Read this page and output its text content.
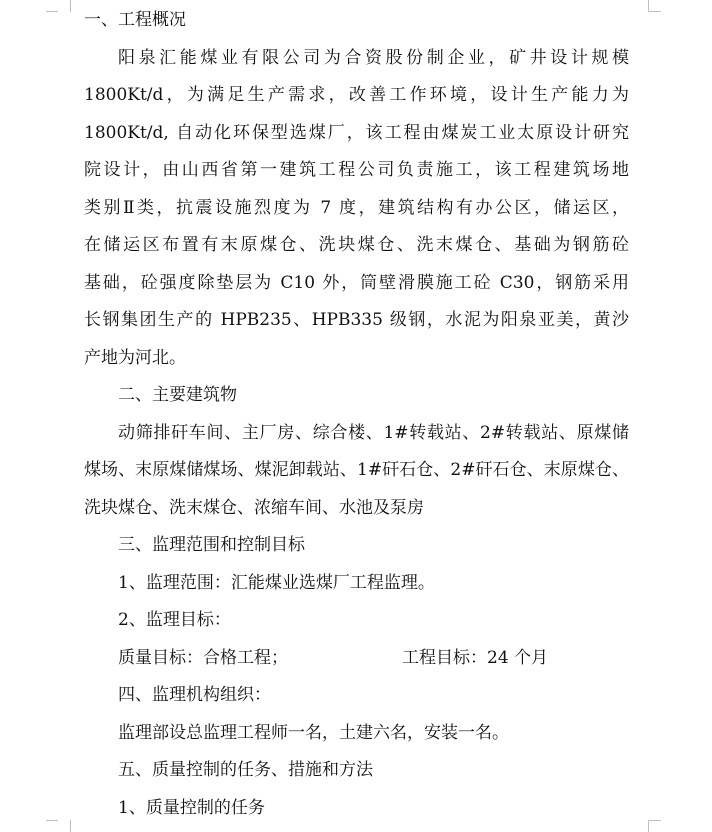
一、工程概况
阳泉汇能煤业有限公司为合资股份制企业，矿井设计规模
1800Kt/d，为满足生产需求，改善工作环境，设计生产能力为
1800Kt/d, 自动化环保型选煤厂，该工程由煤炭工业太原设计研究
院设计，由山西省第一建筑工程公司负责施工，该工程建筑场地
类别Ⅱ类，抗震设施烈度为 7 度，建筑结构有办公区，储运区，
在储运区布置有末原煤仓、洗块煤仓、洗末煤仓、基础为钢筋砼
基础，砼强度除垫层为 C10 外，筒壁滑膜施工砼 C30，钢筋采用
长钢集团生产的 HPB235、HPB335 级钢，水泥为阳泉亚美，黄沙
产地为河北。
二、主要建筑物
动筛排矸车间、主厂房、综合楼、1#转载站、2#转载站、原煤储
煤场、末原煤储煤场、煤泥卸载站、1#矸石仓、2#矸石仓、末原煤仓、
洗块煤仓、洗末煤仓、浓缩车间、水池及泵房
三、监理范围和控制目标
1、监理范围：汇能煤业选煤厂工程监理。
2、监理目标：
质量目标：合格工程；	工程目标：24 个月
四、监理机构组织：
监理部设总监理工程师一名，土建六名，安装一名。
五、质量控制的任务、措施和方法
1、质量控制的任务
